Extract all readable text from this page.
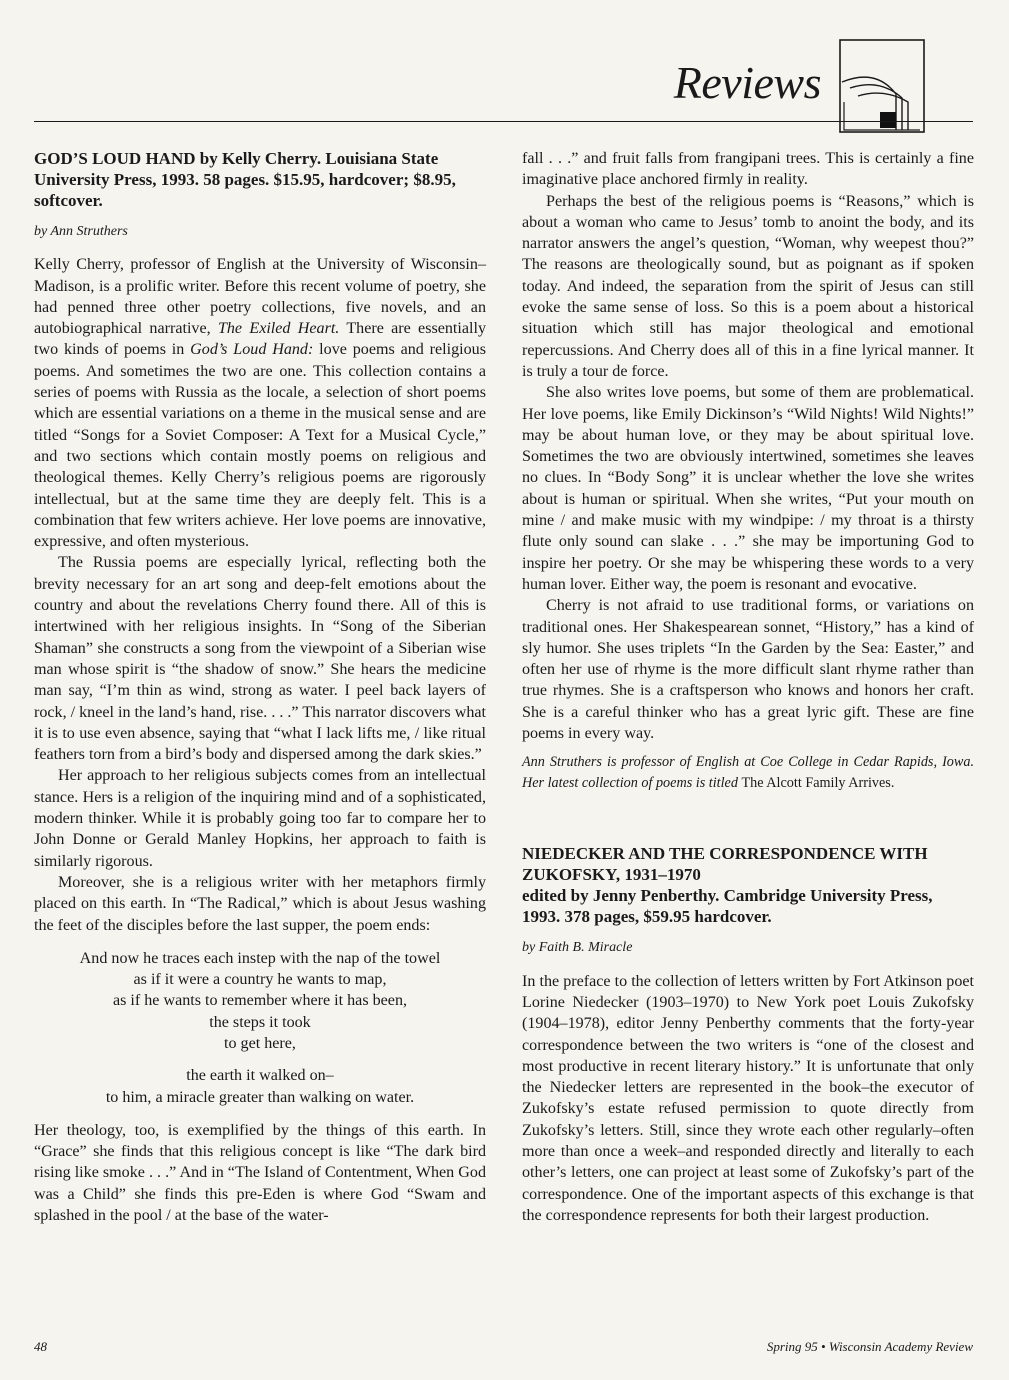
Reviews
GOD’S LOUD HAND by Kelly Cherry. Louisiana State University Press, 1993. 58 pages. $15.95, hardcover; $8.95, softcover.
by Ann Struthers

Kelly Cherry, professor of English at the University of Wisconsin–Madison, is a prolific writer. Before this recent volume of poetry, she had penned three other poetry collections, five novels, and an autobiographical narrative, The Exiled Heart. There are essentially two kinds of poems in God’s Loud Hand: love poems and religious poems. And sometimes the two are one. This collection contains a series of poems with Russia as the locale, a selection of short poems which are essential variations on a theme in the musical sense and are titled “Songs for a Soviet Composer: A Text for a Musical Cycle,” and two sections which contain mostly poems on religious and theological themes. Kelly Cherry’s religious poems are rigorously intellectual, but at the same time they are deeply felt. This is a combination that few writers achieve. Her love poems are innovative, expressive, and often mysterious.

The Russia poems are especially lyrical, reflecting both the brevity necessary for an art song and deep-felt emotions about the country and about the revelations Cherry found there. All of this is intertwined with her religious insights. In “Song of the Siberian Shaman” she constructs a song from the viewpoint of a Siberian wise man whose spirit is “the shadow of snow.” She hears the medicine man say, “I’m thin as wind, strong as water. I peel back layers of rock, / kneel in the land’s hand, rise. . . .” This narrator discovers what it is to use even absence, saying that “what I lack lifts me, / like ritual feathers torn from a bird’s body and dispersed among the dark skies.”

Her approach to her religious subjects comes from an intellectual stance. Hers is a religion of the inquiring mind and of a sophisticated, modern thinker. While it is probably going too far to compare her to John Donne or Gerald Manley Hopkins, her approach to faith is similarly rigorous.

Moreover, she is a religious writer with her metaphors firmly placed on this earth. In “The Radical,” which is about Jesus washing the feet of the disciples before the last supper, the poem ends:

And now he traces each instep with the nap of the towel
as if it were a country he wants to map,
as if he wants to remember where it has been,
the steps it took
to get here,
the earth it walked on–
to him, a miracle greater than walking on water.

Her theology, too, is exemplified by the things of this earth. In “Grace” she finds that this religious concept is like “The dark bird rising like smoke . . .” And in “The Island of Contentment, When God was a Child” she finds this pre-Eden is where God “Swam and splashed in the pool / at the base of the water-

fall . . .” and fruit falls from frangipani trees. This is certainly a fine imaginative place anchored firmly in reality.

Perhaps the best of the religious poems is “Reasons,” which is about a woman who came to Jesus’ tomb to anoint the body, and its narrator answers the angel’s question, “Woman, why weepest thou?” The reasons are theologically sound, but as poignant as if spoken today. And indeed, the separation from the spirit of Jesus can still evoke the same sense of loss. So this is a poem about a historical situation which still has major theological and emotional repercussions. And Cherry does all of this in a fine lyrical manner. It is truly a tour de force.

She also writes love poems, but some of them are problematical. Her love poems, like Emily Dickinson’s “Wild Nights! Wild Nights!” may be about human love, or they may be about spiritual love. Sometimes the two are obviously intertwined, sometimes she leaves no clues. In “Body Song” it is unclear whether the love she writes about is human or spiritual. When she writes, “Put your mouth on mine / and make music with my windpipe: / my throat is a thirsty flute only sound can slake . . .” she may be importuning God to inspire her poetry. Or she may be whispering these words to a very human lover. Either way, the poem is resonant and evocative.

Cherry is not afraid to use traditional forms, or variations on traditional ones. Her Shakespearean sonnet, “History,” has a kind of sly humor. She uses triplets “In the Garden by the Sea: Easter,” and often her use of rhyme is the more difficult slant rhyme rather than true rhymes. She is a craftsperson who knows and honors her craft. She is a careful thinker who has a great lyric gift. These are fine poems in every way.

Ann Struthers is professor of English at Coe College in Cedar Rapids, Iowa. Her latest collection of poems is titled The Alcott Family Arrives.
NIEDECKER AND THE CORRESPONDENCE WITH ZUKOFSKY, 1931–1970
edited by Jenny Penberthy. Cambridge University Press, 1993. 378 pages, $59.95 hardcover.
by Faith B. Miracle

In the preface to the collection of letters written by Fort Atkinson poet Lorine Niedecker (1903–1970) to New York poet Louis Zukofsky (1904–1978), editor Jenny Penberthy comments that the forty-year correspondence between the two writers is “one of the closest and most productive in recent literary history.” It is unfortunate that only the Niedecker letters are represented in the book–the executor of Zukofsky’s estate refused permission to quote directly from Zukofsky’s letters. Still, since they wrote each other regularly–often more than once a week–and responded directly and literally to each other’s letters, one can project at least some of Zukofsky’s part of the correspondence. One of the important aspects of this exchange is that the correspondence represents for both their largest production.

48	Spring 95 • Wisconsin Academy Review
